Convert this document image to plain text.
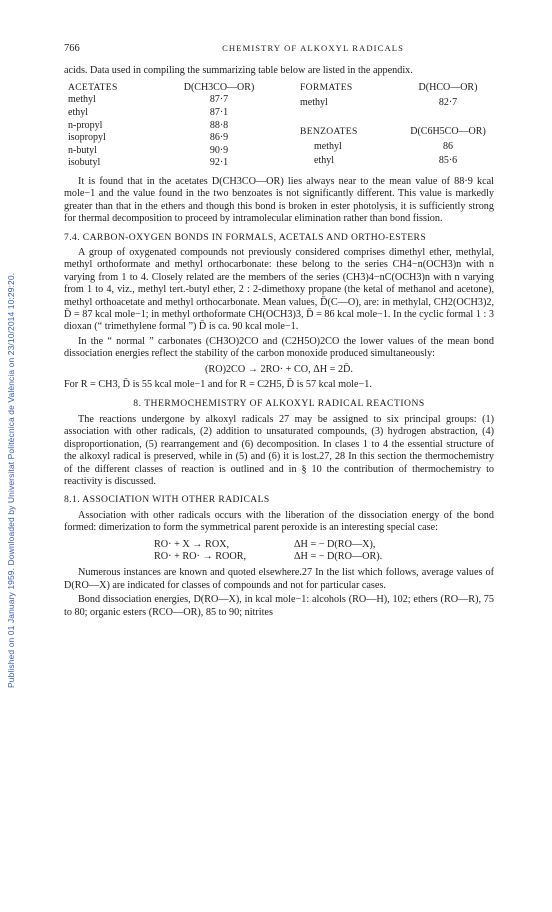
Published on 01 January 1959. Downloaded by Universitat Politècnica de València on 23/10/2014 10:29:20.
766	CHEMISTRY OF ALKOXYL RADICALS

acids. Data used in compiling the summarizing table below are listed in the appendix.

ACETATES	D(CH3CO—OR)
methyl	87·7
ethyl	87·1
n-propyl	88·8
isopropyl	86·9
n-butyl	90·9
isobutyl	92·1
FORMATES	D(HCO—OR)
methyl	82·7

BENZOATES	D(C6H5CO—OR)
methyl	86
ethyl	85·6

It is found that in the acetates D(CH3CO—OR) lies always near to the mean value of 88·9 kcal mole−1 and the value found in the two benzoates is not significantly different. This value is markedly greater than that in the ethers and though this bond is broken in ester photolysis, it is sufficiently strong for thermal decomposition to proceed by intramolecular elimination rather than bond fission.

7.4. CARBON-OXYGEN BONDS IN FORMALS, ACETALS AND ORTHO-ESTERS

A group of oxygenated compounds not previously considered comprises dimethyl ether, methylal, methyl orthoformate and methyl orthocarbonate: these belong to the series CH4−n(OCH3)n with n varying from 1 to 4. Closely related are the members of the series (CH3)4−nC(OCH3)n with n varying from 1 to 4, viz., methyl tert.-butyl ether, 2 : 2-dimethoxy propane (the ketal of methanol and acetone), methyl orthoacetate and methyl orthocarbonate. Mean values, D̄(C—O), are: in methylal, CH2(OCH3)2, D̄ = 87 kcal mole−1; in methyl orthoformate CH(OCH3)3, D̄ = 86 kcal mole−1. In the cyclic formal 1 : 3 dioxan (“ trimethylene formal ”) D̄ is ca. 90 kcal mole−1.

In the “ normal ” carbonates (CH3O)2CO and (C2H5O)2CO the lower values of the mean bond dissociation energies reflect the stability of the carbon monoxide produced simultaneously:

(RO)2CO → 2RO· + CO, ΔH = 2D̄.

For R = CH3, D̄ is 55 kcal mole−1 and for R = C2H5, D̄ is 57 kcal mole−1.

8. THERMOCHEMISTRY OF ALKOXYL RADICAL REACTIONS

The reactions undergone by alkoxyl radicals 27 may be assigned to six principal groups: (1) association with other radicals, (2) addition to unsaturated compounds, (3) hydrogen abstraction, (4) disproportionation, (5) rearrangement and (6) decomposition. In clases 1 to 4 the essential structure of the alkoxyl radical is preserved, while in (5) and (6) it is lost.27, 28 In this section the thermochemistry of the different classes of reaction is outlined and in § 10 the contribution of thermochemistry to reactivity is discussed.

8.1. ASSOCIATION WITH OTHER RADICALS

Association with other radicals occurs with the liberation of the dissociation energy of the bond formed: dimerization to form the symmetrical parent peroxide is an interesting special case:

RO· + X → ROX,	ΔH = − D(RO—X),
RO· + RO· → ROOR,	ΔH = − D(RO—OR).

Numerous instances are known and quoted elsewhere.27 In the list which follows, average values of D(RO—X) are indicated for classes of compounds and not for particular cases.

Bond dissociation energies, D(RO—X), in kcal mole−1: alcohols (RO—H), 102; ethers (RO—R), 75 to 80; organic esters (RCO—OR), 85 to 90; nitrites
